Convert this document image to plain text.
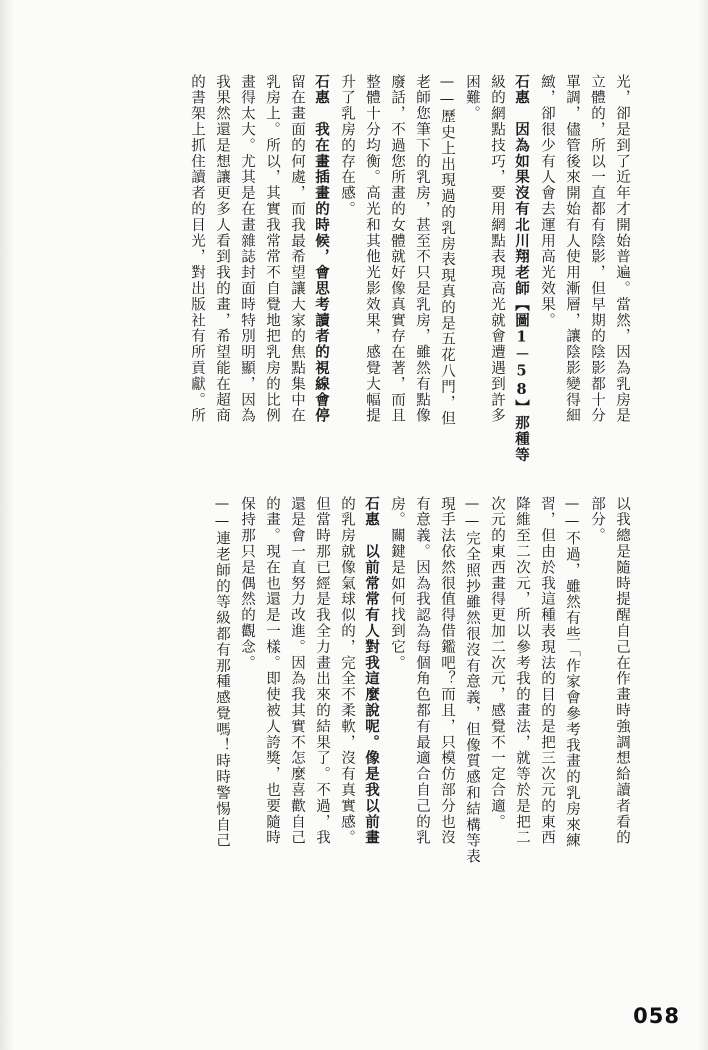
光，卻是到了近年才開始普遍。當然，因為乳房是
立體的，所以一直都有陰影，但早期的陰影都十分
單調，儘管後來開始有人使用漸層，讓陰影變得細
緻，卻很少有人會去運用高光效果。
石惠　因為如果沒有北川翔老師【圖1－58】那種等
級的網點技巧，要用網點表現高光就會遭遇到許多
困難。
——歷史上出現過的乳房表現真的是五花八門，但
老師您筆下的乳房，甚至不只是乳房，雖然有點像
廢話，不過您所畫的女體就好像真實存在著，而且
整體十分均衡。高光和其他光影效果，感覺大幅提
升了乳房的存在感。
石惠　我在畫插畫的時候，會思考讀者的視線會停
留在畫面的何處，而我最希望讓大家的焦點集中在
乳房上。所以，其實我常常不自覺地把乳房的比例
畫得太大。尤其是在畫雜誌封面時特別明顯，因為
我果然還是想讓更多人看到我的畫，希望能在超商
的書架上抓住讀者的目光，對出版社有所貢獻。所
以我總是隨時提醒自己在作畫時強調想給讀者看的
部分。
——不過，雖然有些「作家會參考我畫的乳房來練
習，但由於我這種表現法的目的是把三次元的東西
降維至二次元，所以參考我的畫法，就等於是把二
次元的東西畫得更加二次元，感覺不一定合適。
——完全照抄雖然很沒有意義，但像質感和結構等表
現手法依然很值得借鑑吧？而且，只模仿部分也沒
有意義。因為我認為每個角色都有最適合自己的乳
房。關鍵是如何找到它。
石惠　以前常常有人對我這麼說呢。像是我以前畫
的乳房就像氣球似的，完全不柔軟，沒有真實感。
但當時那已經是我全力畫出來的結果了。不過，我
還是會一直努力改進。因為我其實不怎麼喜歡自己
的畫。現在也還是一樣。即使被人誇獎，也要隨時
保持那只是偶然的觀念。
——連老師的等級都有那種感覺嗎！時時警惕自己
058
